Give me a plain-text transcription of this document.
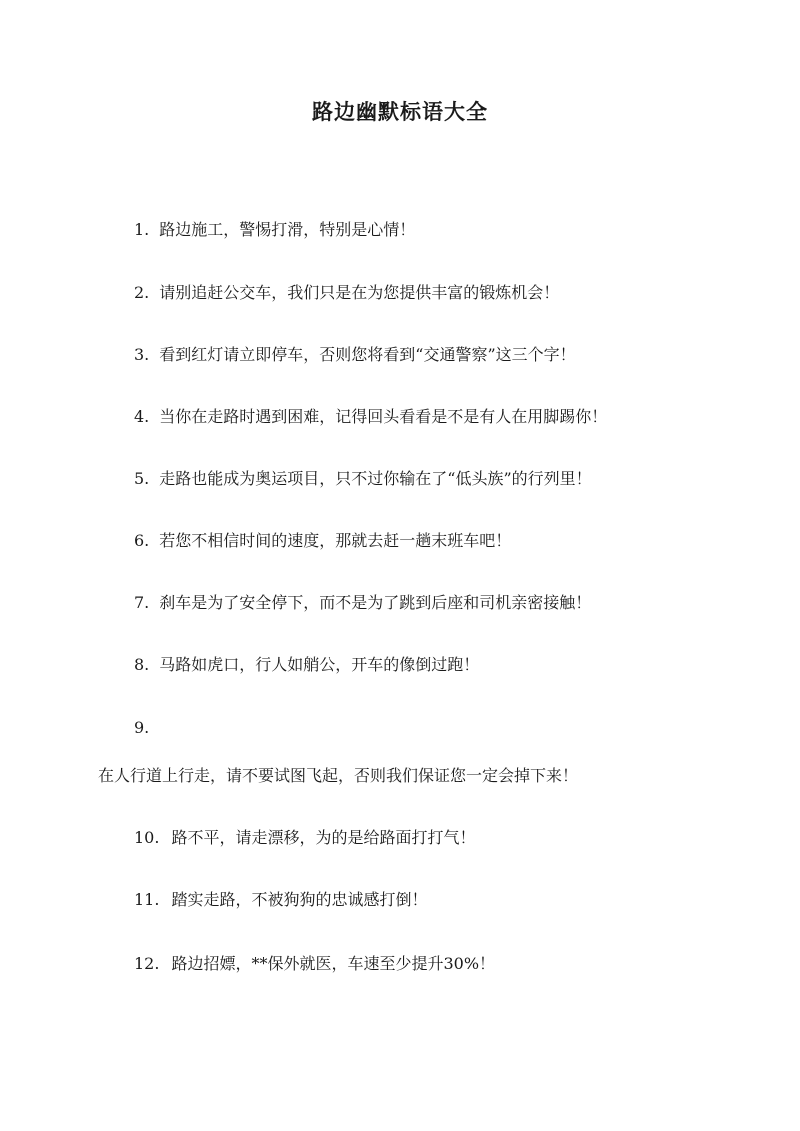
路边幽默标语大全
1. 路边施工，警惕打滑，特别是心情！
2. 请别追赶公交车，我们只是在为您提供丰富的锻炼机会！
3. 看到红灯请立即停车，否则您将看到“交通警察”这三个字！
4. 当你在走路时遇到困难，记得回头看看是不是有人在用脚踢你！
5. 走路也能成为奥运项目，只不过你输在了“低头族”的行列里！
6. 若您不相信时间的速度，那就去赶一趟末班车吧！
7. 刹车是为了安全停下，而不是为了跳到后座和司机亲密接触！
8. 马路如虎口，行人如艄公，开车的像倒过跑！
9.
在人行道上行走，请不要试图飞起，否则我们保证您一定会掉下来！
10. 路不平，请走漂移，为的是给路面打打气！
11. 踏实走路，不被狗狗的忠诚感打倒！
12. 路边招嫖，**保外就医，车速至少提升30%！
